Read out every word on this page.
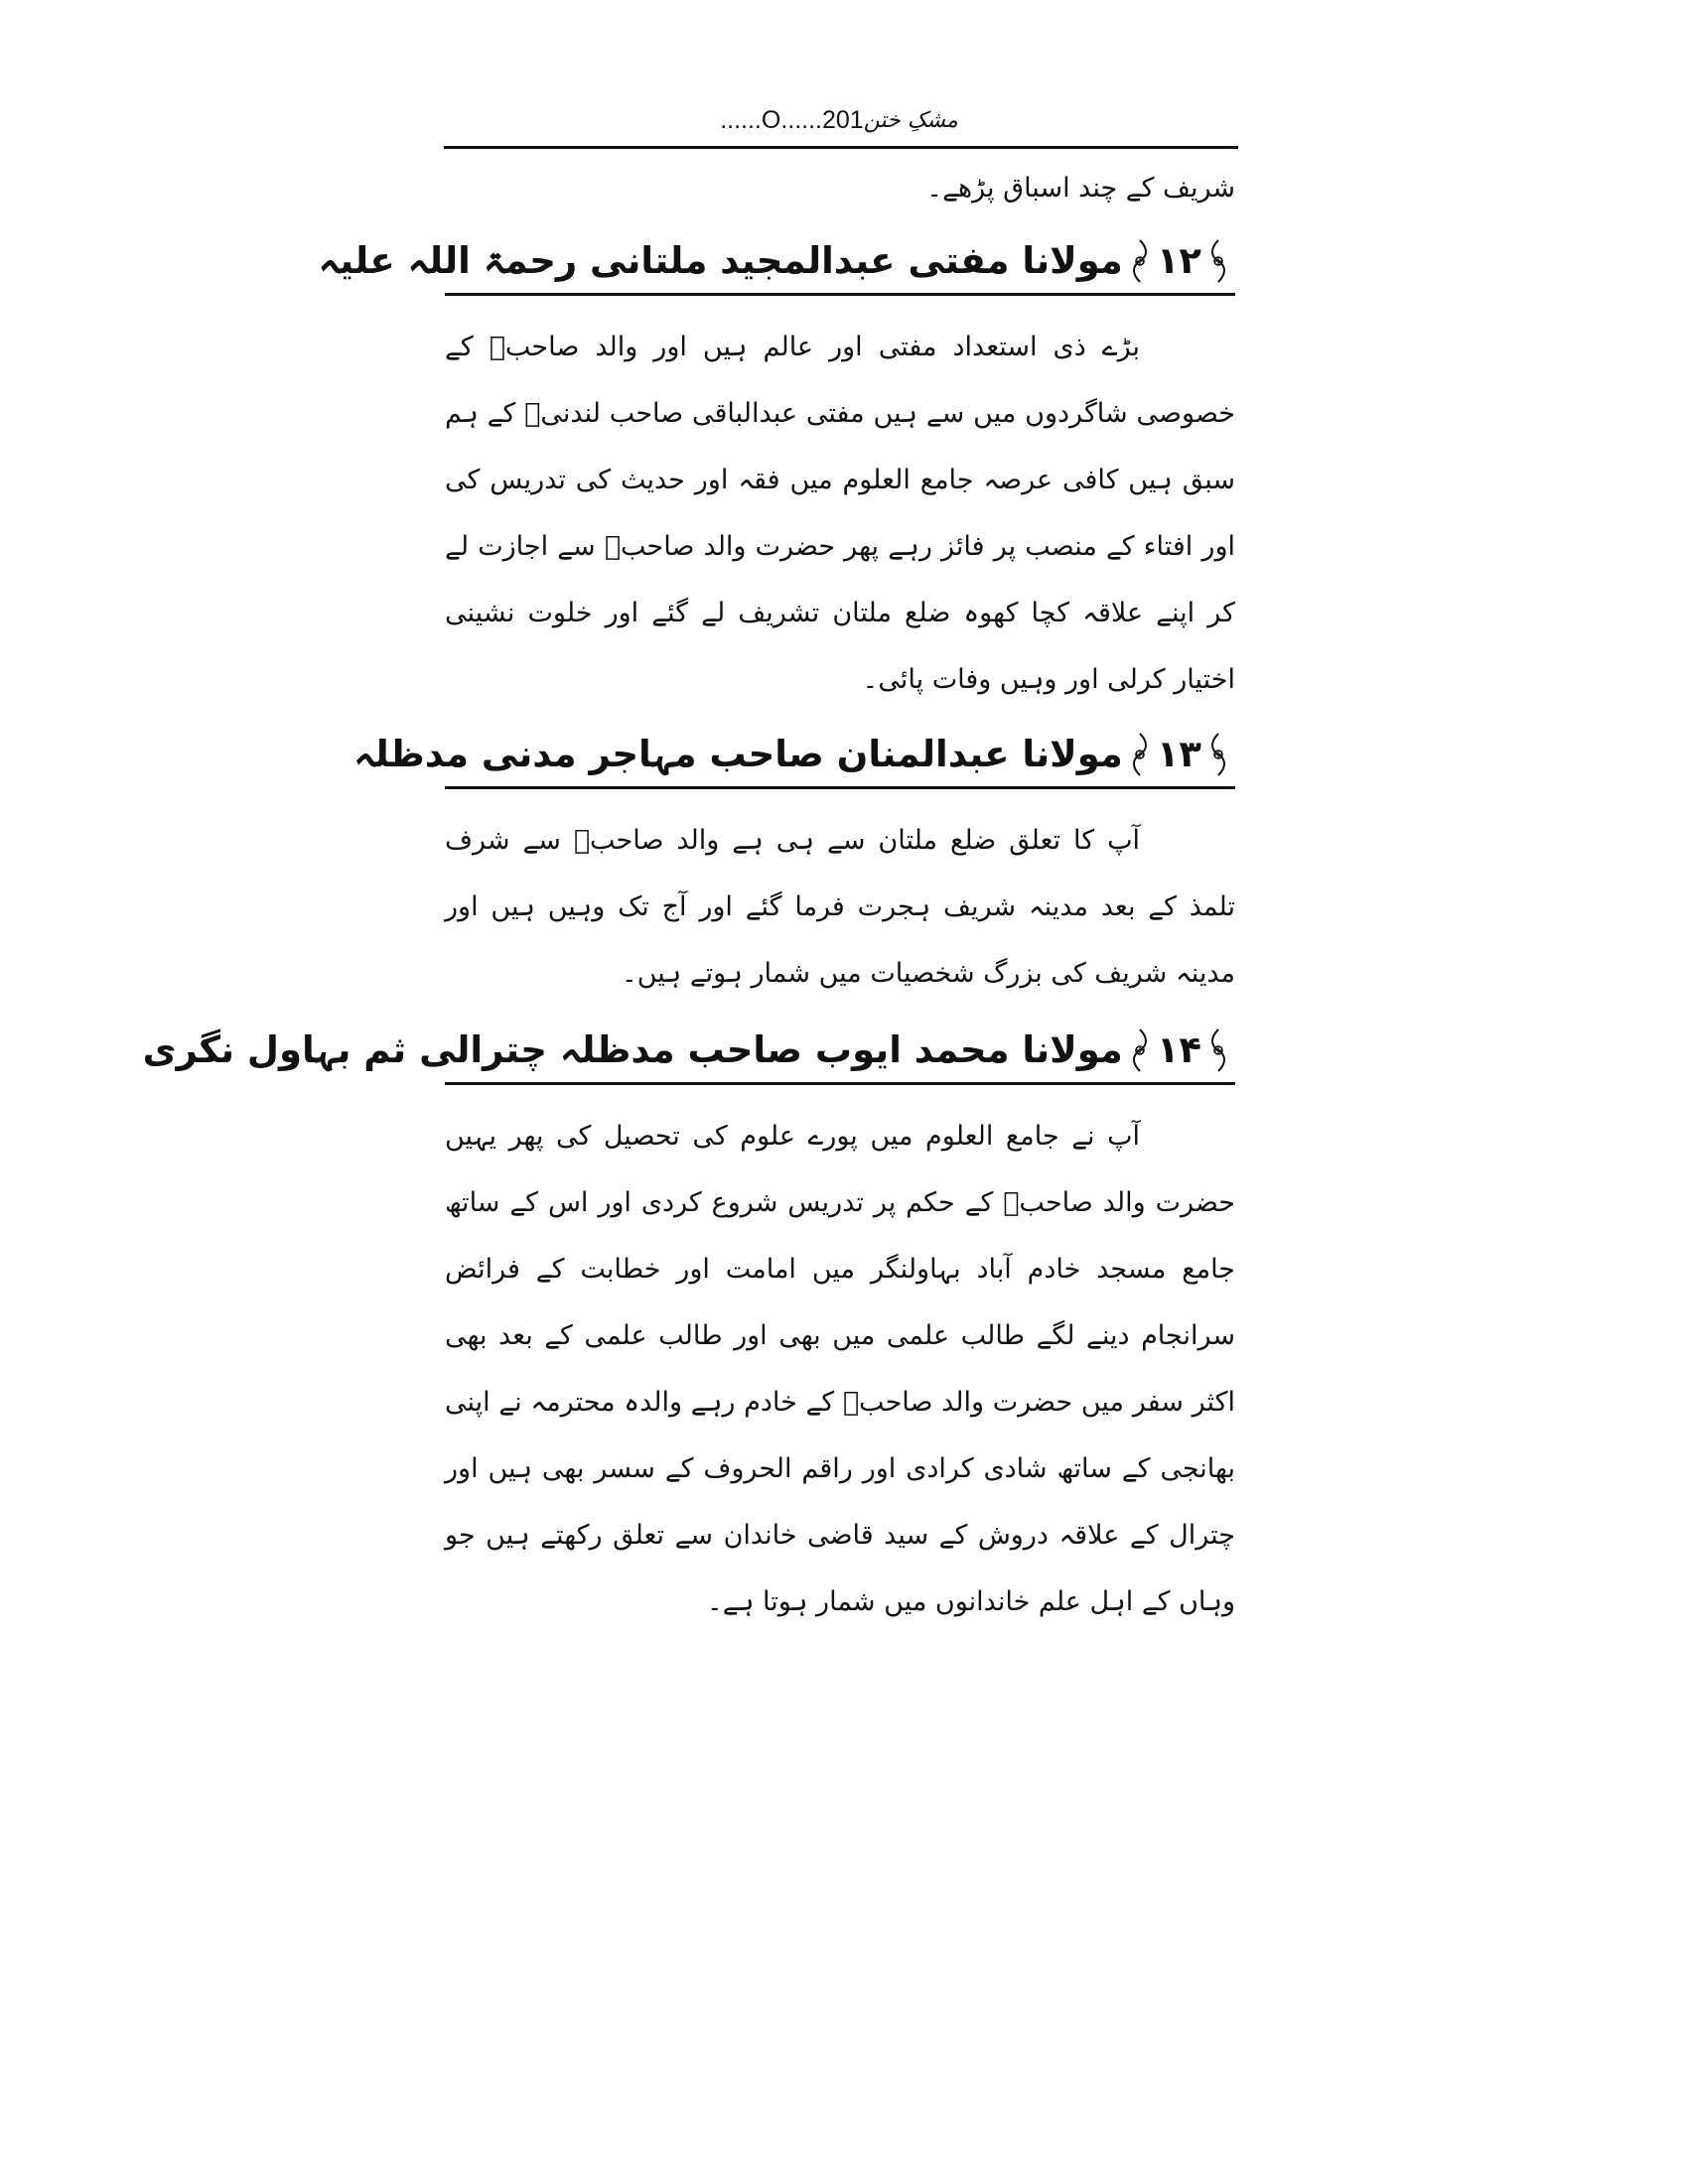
مشکِ ختن
......O......201

شریف کے چند اسباق پڑھے۔

۱۲
مولانا مفتی عبدالمجید ملتانی رحمۃ اللہ علیہ

بڑے ذی استعداد مفتی اور عالم ہیں اور والد صاحبؒ کے خصوصی شاگردوں میں سے ہیں مفتی عبدالباقی صاحب لندنیؒ کے ہم سبق ہیں کافی عرصہ جامع العلوم میں فقہ اور حدیث کی تدریس کی اور افتاء کے منصب پر فائز رہے پھر حضرت والد صاحبؒ سے اجازت لے کر اپنے علاقہ کچا کھوہ ضلع ملتان تشریف لے گئے اور خلوت نشینی اختیار کرلی اور وہیں وفات پائی۔

۱۳
مولانا عبدالمنان صاحب مہاجر مدنی مدظلہ

آپ کا تعلق ضلع ملتان سے ہی ہے والد صاحبؒ سے شرف تلمذ کے بعد مدینہ شریف ہجرت فرما گئے اور آج تک وہیں ہیں اور مدینہ شریف کی بزرگ شخصیات میں شمار ہوتے ہیں۔

۱۴
مولانا محمد ایوب صاحب مدظلہ چترالی ثم بہاول نگری

آپ نے جامع العلوم میں پورے علوم کی تحصیل کی پھر یہیں حضرت والد صاحبؒ کے حکم پر تدریس شروع کردی اور اس کے ساتھ جامع مسجد خادم آباد بہاولنگر میں امامت اور خطابت کے فرائض سرانجام دینے لگے طالب علمی میں بھی اور طالب علمی کے بعد بھی اکثر سفر میں حضرت والد صاحبؒ کے خادم رہے والدہ محترمہ نے اپنی بھانجی کے ساتھ شادی کرادی اور راقم الحروف کے سسر بھی ہیں اور چترال کے علاقہ دروش کے سید قاضی خاندان سے تعلق رکھتے ہیں جو وہاں کے اہل علم خاندانوں میں شمار ہوتا ہے۔
